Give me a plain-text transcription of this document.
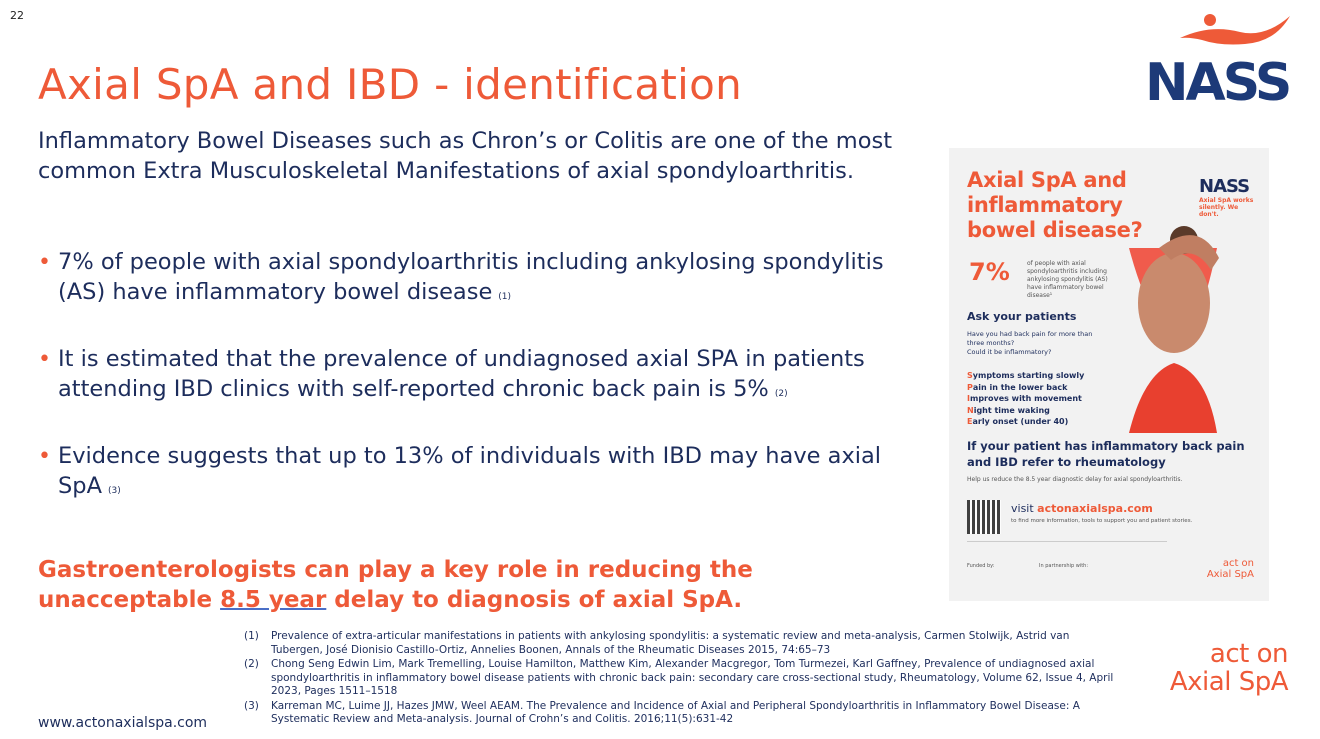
22
Axial SpA and IBD - identification
Inflammatory Bowel Diseases such as Chron’s or Colitis are one of the most common Extra Musculoskeletal Manifestations of axial spondyloarthritis.
• 7% of people with axial spondyloarthritis including ankylosing spondylitis (AS) have inflammatory bowel disease (1)
• It is estimated that the prevalence of undiagnosed axial SPA in patients attending IBD clinics with self-reported chronic back pain is 5% (2)
• Evidence suggests that up to 13% of individuals with IBD may have axial SpA (3)
Gastroenterologists can play a key role in reducing the unacceptable 8.5 year delay to diagnosis of axial SpA.
(1)	Prevalence of extra-articular manifestations in patients with ankylosing spondylitis: a systematic review and meta-analysis, Carmen Stolwijk, Astrid van Tubergen, José Dionisio Castillo-Ortiz, Annelies Boonen, Annals of the Rheumatic Diseases 2015, 74:65–73
(2)	Chong Seng Edwin Lim, Mark Tremelling, Louise Hamilton, Matthew Kim, Alexander Macgregor, Tom Turmezei, Karl Gaffney, Prevalence of undiagnosed axial spondyloarthritis in inflammatory bowel disease patients with chronic back pain: secondary care cross-sectional study, Rheumatology, Volume 62, Issue 4, April 2023, Pages 1511–1518
(3)	Karreman MC, Luime JJ, Hazes JMW, Weel AEAM. The Prevalence and Incidence of Axial and Peripheral Spondyloarthritis in Inflammatory Bowel Disease: A Systematic Review and Meta-analysis. Journal of Crohn’s and Colitis. 2016;11(5):631-42
www.actonaxialspa.com
NASS
Axial SpA and inflammatory bowel disease?
NASS
Axial SpA works silently. We don't.
7%	of people with axial spondyloarthritis including ankylosing spondylitis (AS) have inflammatory bowel disease¹
Ask your patients
Have you had back pain for more than three months?
Could it be inflammatory?
Symptoms starting slowly
Pain in the lower back
Improves with movement
Night time waking
Early onset (under 40)
If your patient has inflammatory back pain and IBD refer to rheumatology
Help us reduce the 8.5 year diagnostic delay for axial spondyloarthritis.
visit actonaxialspa.com
to find more information, tools to support you and patient stories.
Funded by:	In partnership with:	act on
Axial SpA
act on
Axial SpA
